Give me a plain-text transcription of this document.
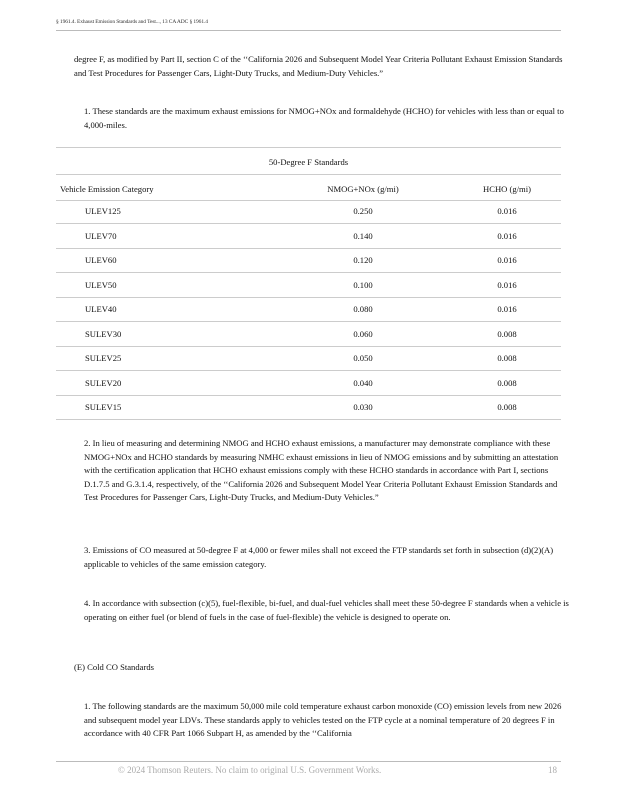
§ 1961.4. Exhaust Emission Standards and Test..., 13 CA ADC § 1961.4
degree F, as modified by Part II, section C of the ‘‘California 2026 and Subsequent Model Year Criteria Pollutant Exhaust Emission Standards and Test Procedures for Passenger Cars, Light-Duty Trucks, and Medium-Duty Vehicles.”
1. These standards are the maximum exhaust emissions for NMOG+NOx and formaldehyde (HCHO) for vehicles with less than or equal to 4,000-miles.
50-Degree F Standards
Vehicle Emission Category	NMOG+NOx (g/mi)	HCHO (g/mi)
ULEV125	0.250	0.016
ULEV70	0.140	0.016
ULEV60	0.120	0.016
ULEV50	0.100	0.016
ULEV40	0.080	0.016
SULEV30	0.060	0.008
SULEV25	0.050	0.008
SULEV20	0.040	0.008
SULEV15	0.030	0.008
2. In lieu of measuring and determining NMOG and HCHO exhaust emissions, a manufacturer may demonstrate compliance with these NMOG+NOx and HCHO standards by measuring NMHC exhaust emissions in lieu of NMOG emissions and by submitting an attestation with the certification application that HCHO exhaust emissions comply with these HCHO standards in accordance with Part I, sections D.1.7.5 and G.3.1.4, respectively, of the ‘‘California 2026 and Subsequent Model Year Criteria Pollutant Exhaust Emission Standards and Test Procedures for Passenger Cars, Light-Duty Trucks, and Medium-Duty Vehicles.”
3. Emissions of CO measured at 50-degree F at 4,000 or fewer miles shall not exceed the FTP standards set forth in subsection (d)(2)(A) applicable to vehicles of the same emission category.
4. In accordance with subsection (c)(5), fuel-flexible, bi-fuel, and dual-fuel vehicles shall meet these 50-degree F standards when a vehicle is operating on either fuel (or blend of fuels in the case of fuel-flexible) the vehicle is designed to operate on.
(E) Cold CO Standards
1. The following standards are the maximum 50,000 mile cold temperature exhaust carbon monoxide (CO) emission levels from new 2026 and subsequent model year LDVs. These standards apply to vehicles tested on the FTP cycle at a nominal temperature of 20 degrees F in accordance with 40 CFR Part 1066 Subpart H, as amended by the ‘‘California
© 2024 Thomson Reuters. No claim to original U.S. Government Works.	18
